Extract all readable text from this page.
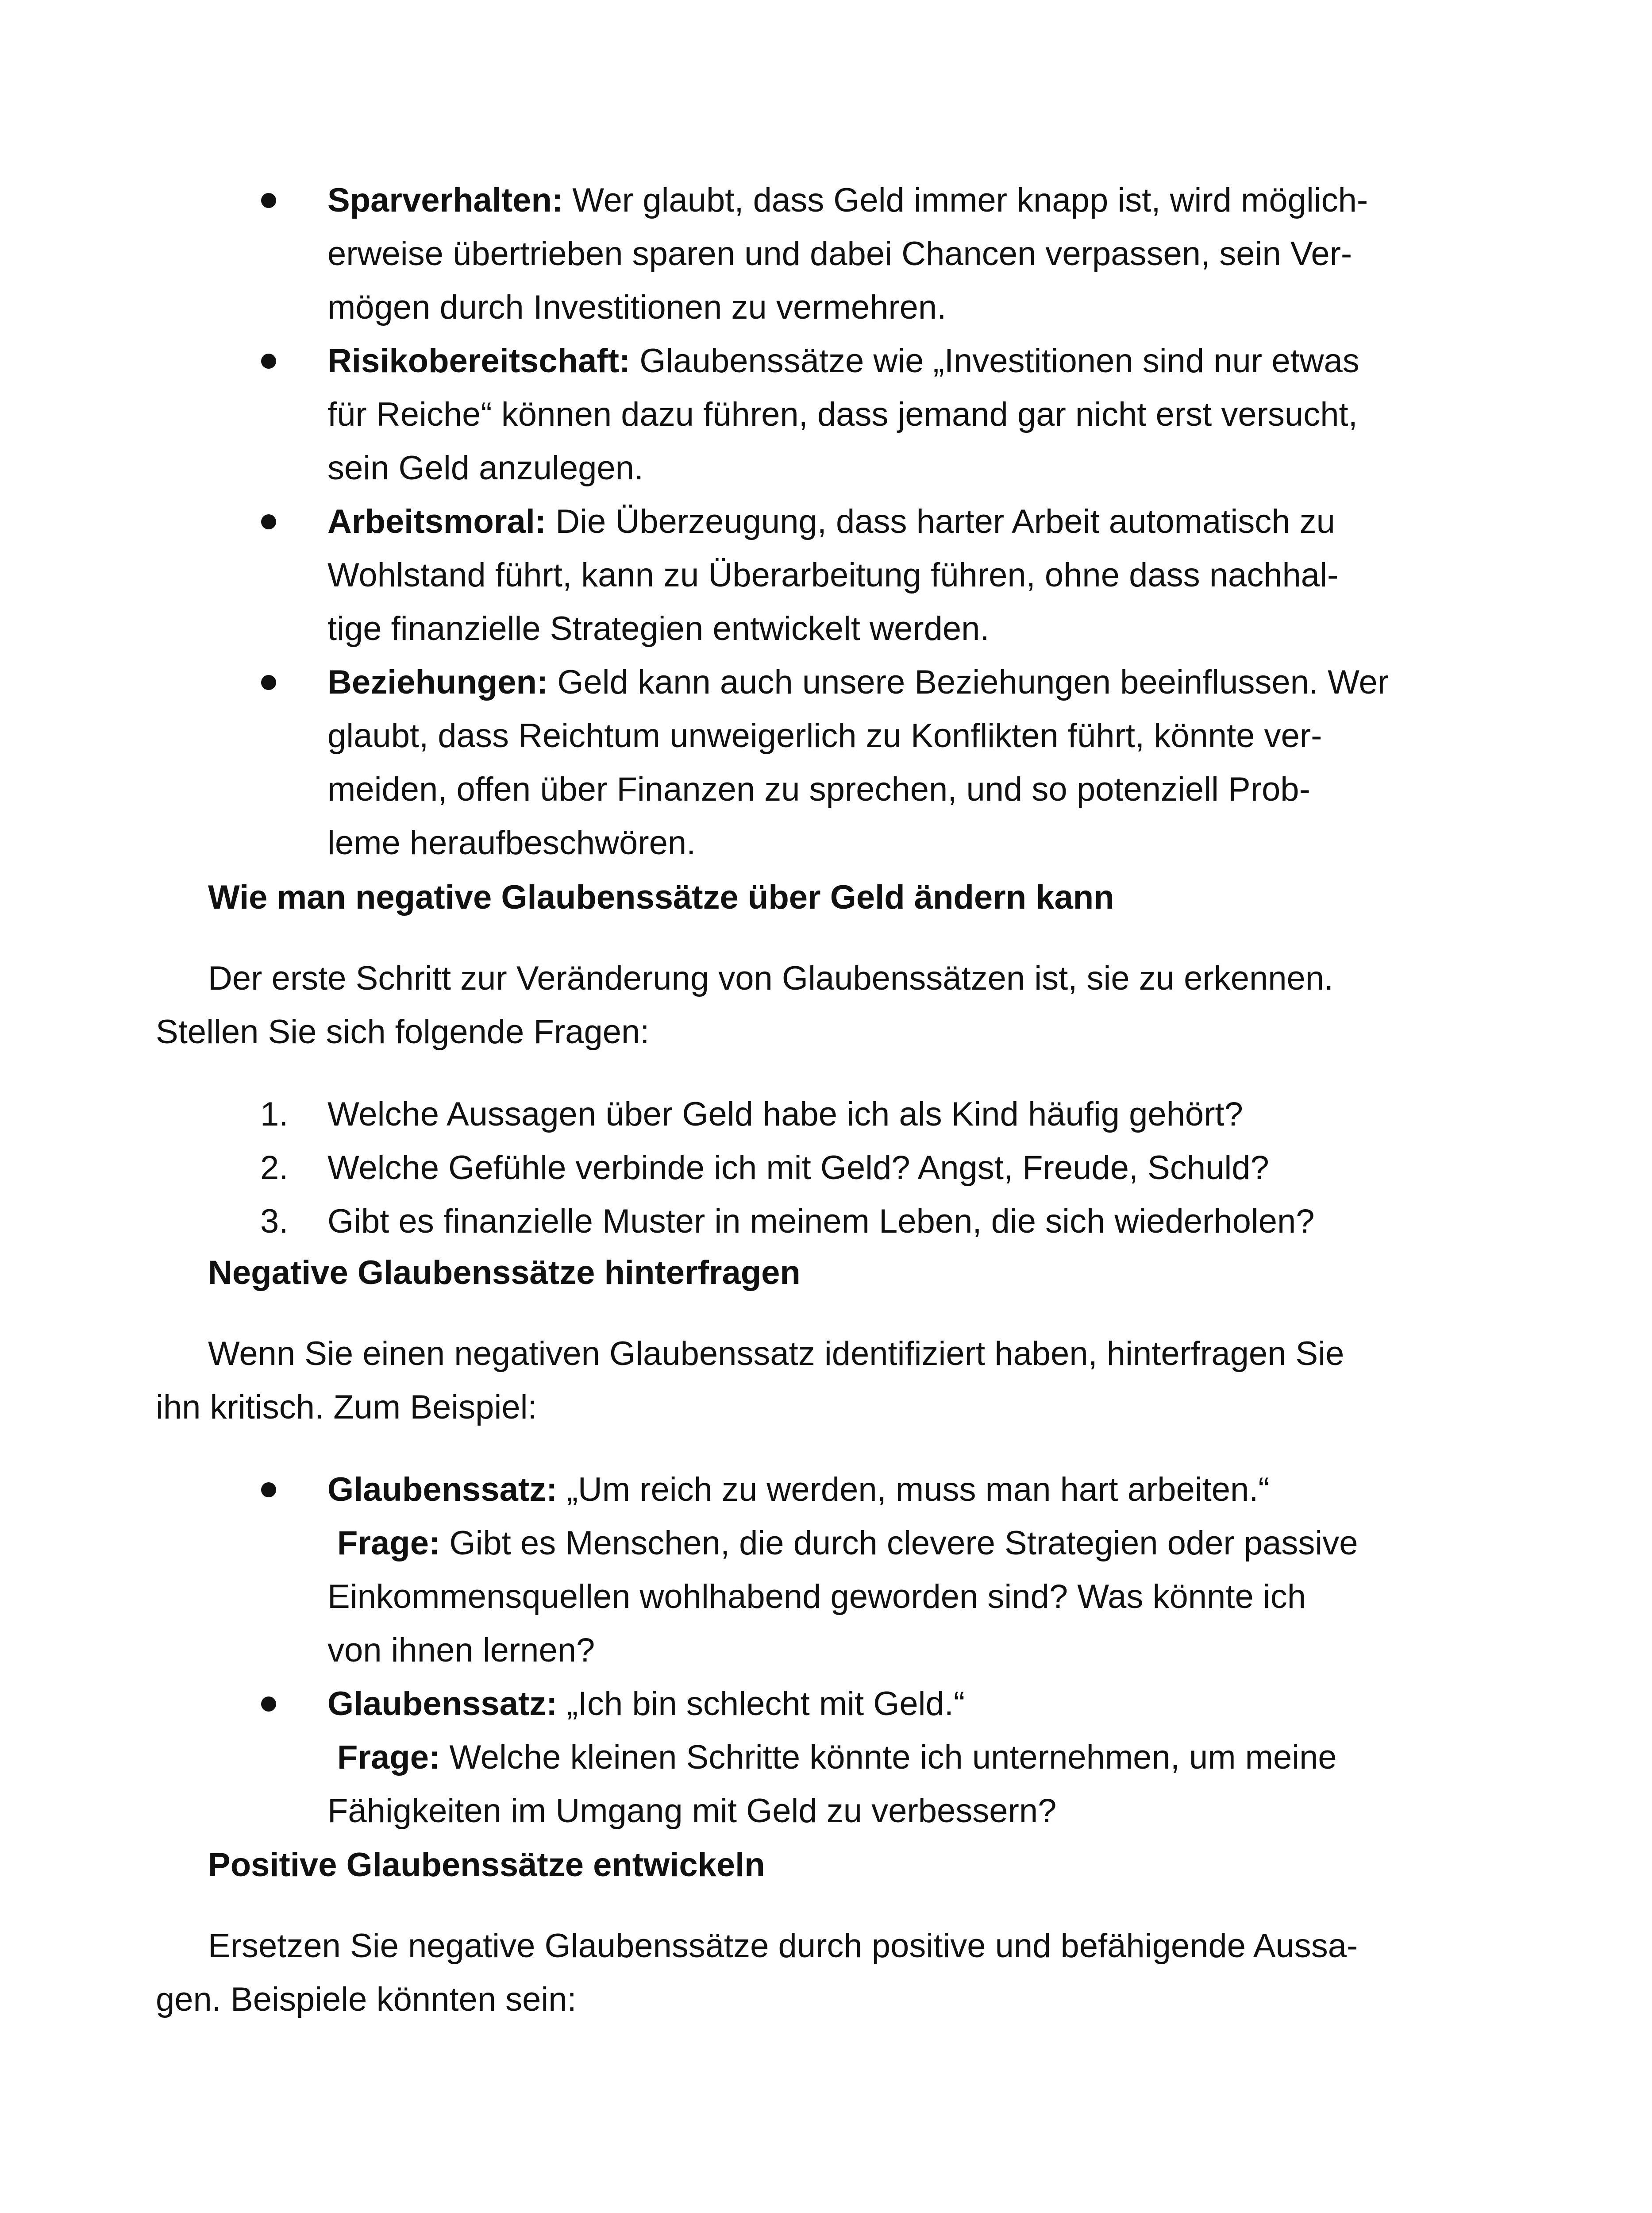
Sparverhalten: Wer glaubt, dass Geld immer knapp ist, wird möglich-
erweise übertrieben sparen und dabei Chancen verpassen, sein Ver-
mögen durch Investitionen zu vermehren.
Risikobereitschaft: Glaubenssätze wie „Investitionen sind nur etwas
für Reiche“ können dazu führen, dass jemand gar nicht erst versucht,
sein Geld anzulegen.
Arbeitsmoral: Die Überzeugung, dass harter Arbeit automatisch zu
Wohlstand führt, kann zu Überarbeitung führen, ohne dass nachhal-
tige finanzielle Strategien entwickelt werden.
Beziehungen: Geld kann auch unsere Beziehungen beeinflussen. Wer
glaubt, dass Reichtum unweigerlich zu Konflikten führt, könnte ver-
meiden, offen über Finanzen zu sprechen, und so potenziell Prob-
leme heraufbeschwören.
Wie man negative Glaubenssätze über Geld ändern kann
Der erste Schritt zur Veränderung von Glaubenssätzen ist, sie zu erkennen.
Stellen Sie sich folgende Fragen:
1. Welche Aussagen über Geld habe ich als Kind häufig gehört?
2. Welche Gefühle verbinde ich mit Geld? Angst, Freude, Schuld?
3. Gibt es finanzielle Muster in meinem Leben, die sich wiederholen?
Negative Glaubenssätze hinterfragen
Wenn Sie einen negativen Glaubenssatz identifiziert haben, hinterfragen Sie
ihn kritisch. Zum Beispiel:
Glaubenssatz: „Um reich zu werden, muss man hart arbeiten.“
Frage: Gibt es Menschen, die durch clevere Strategien oder passive
Einkommensquellen wohlhabend geworden sind? Was könnte ich
von ihnen lernen?
Glaubenssatz: „Ich bin schlecht mit Geld.“
Frage: Welche kleinen Schritte könnte ich unternehmen, um meine
Fähigkeiten im Umgang mit Geld zu verbessern?
Positive Glaubenssätze entwickeln
Ersetzen Sie negative Glaubenssätze durch positive und befähigende Aussa-
gen. Beispiele könnten sein:
